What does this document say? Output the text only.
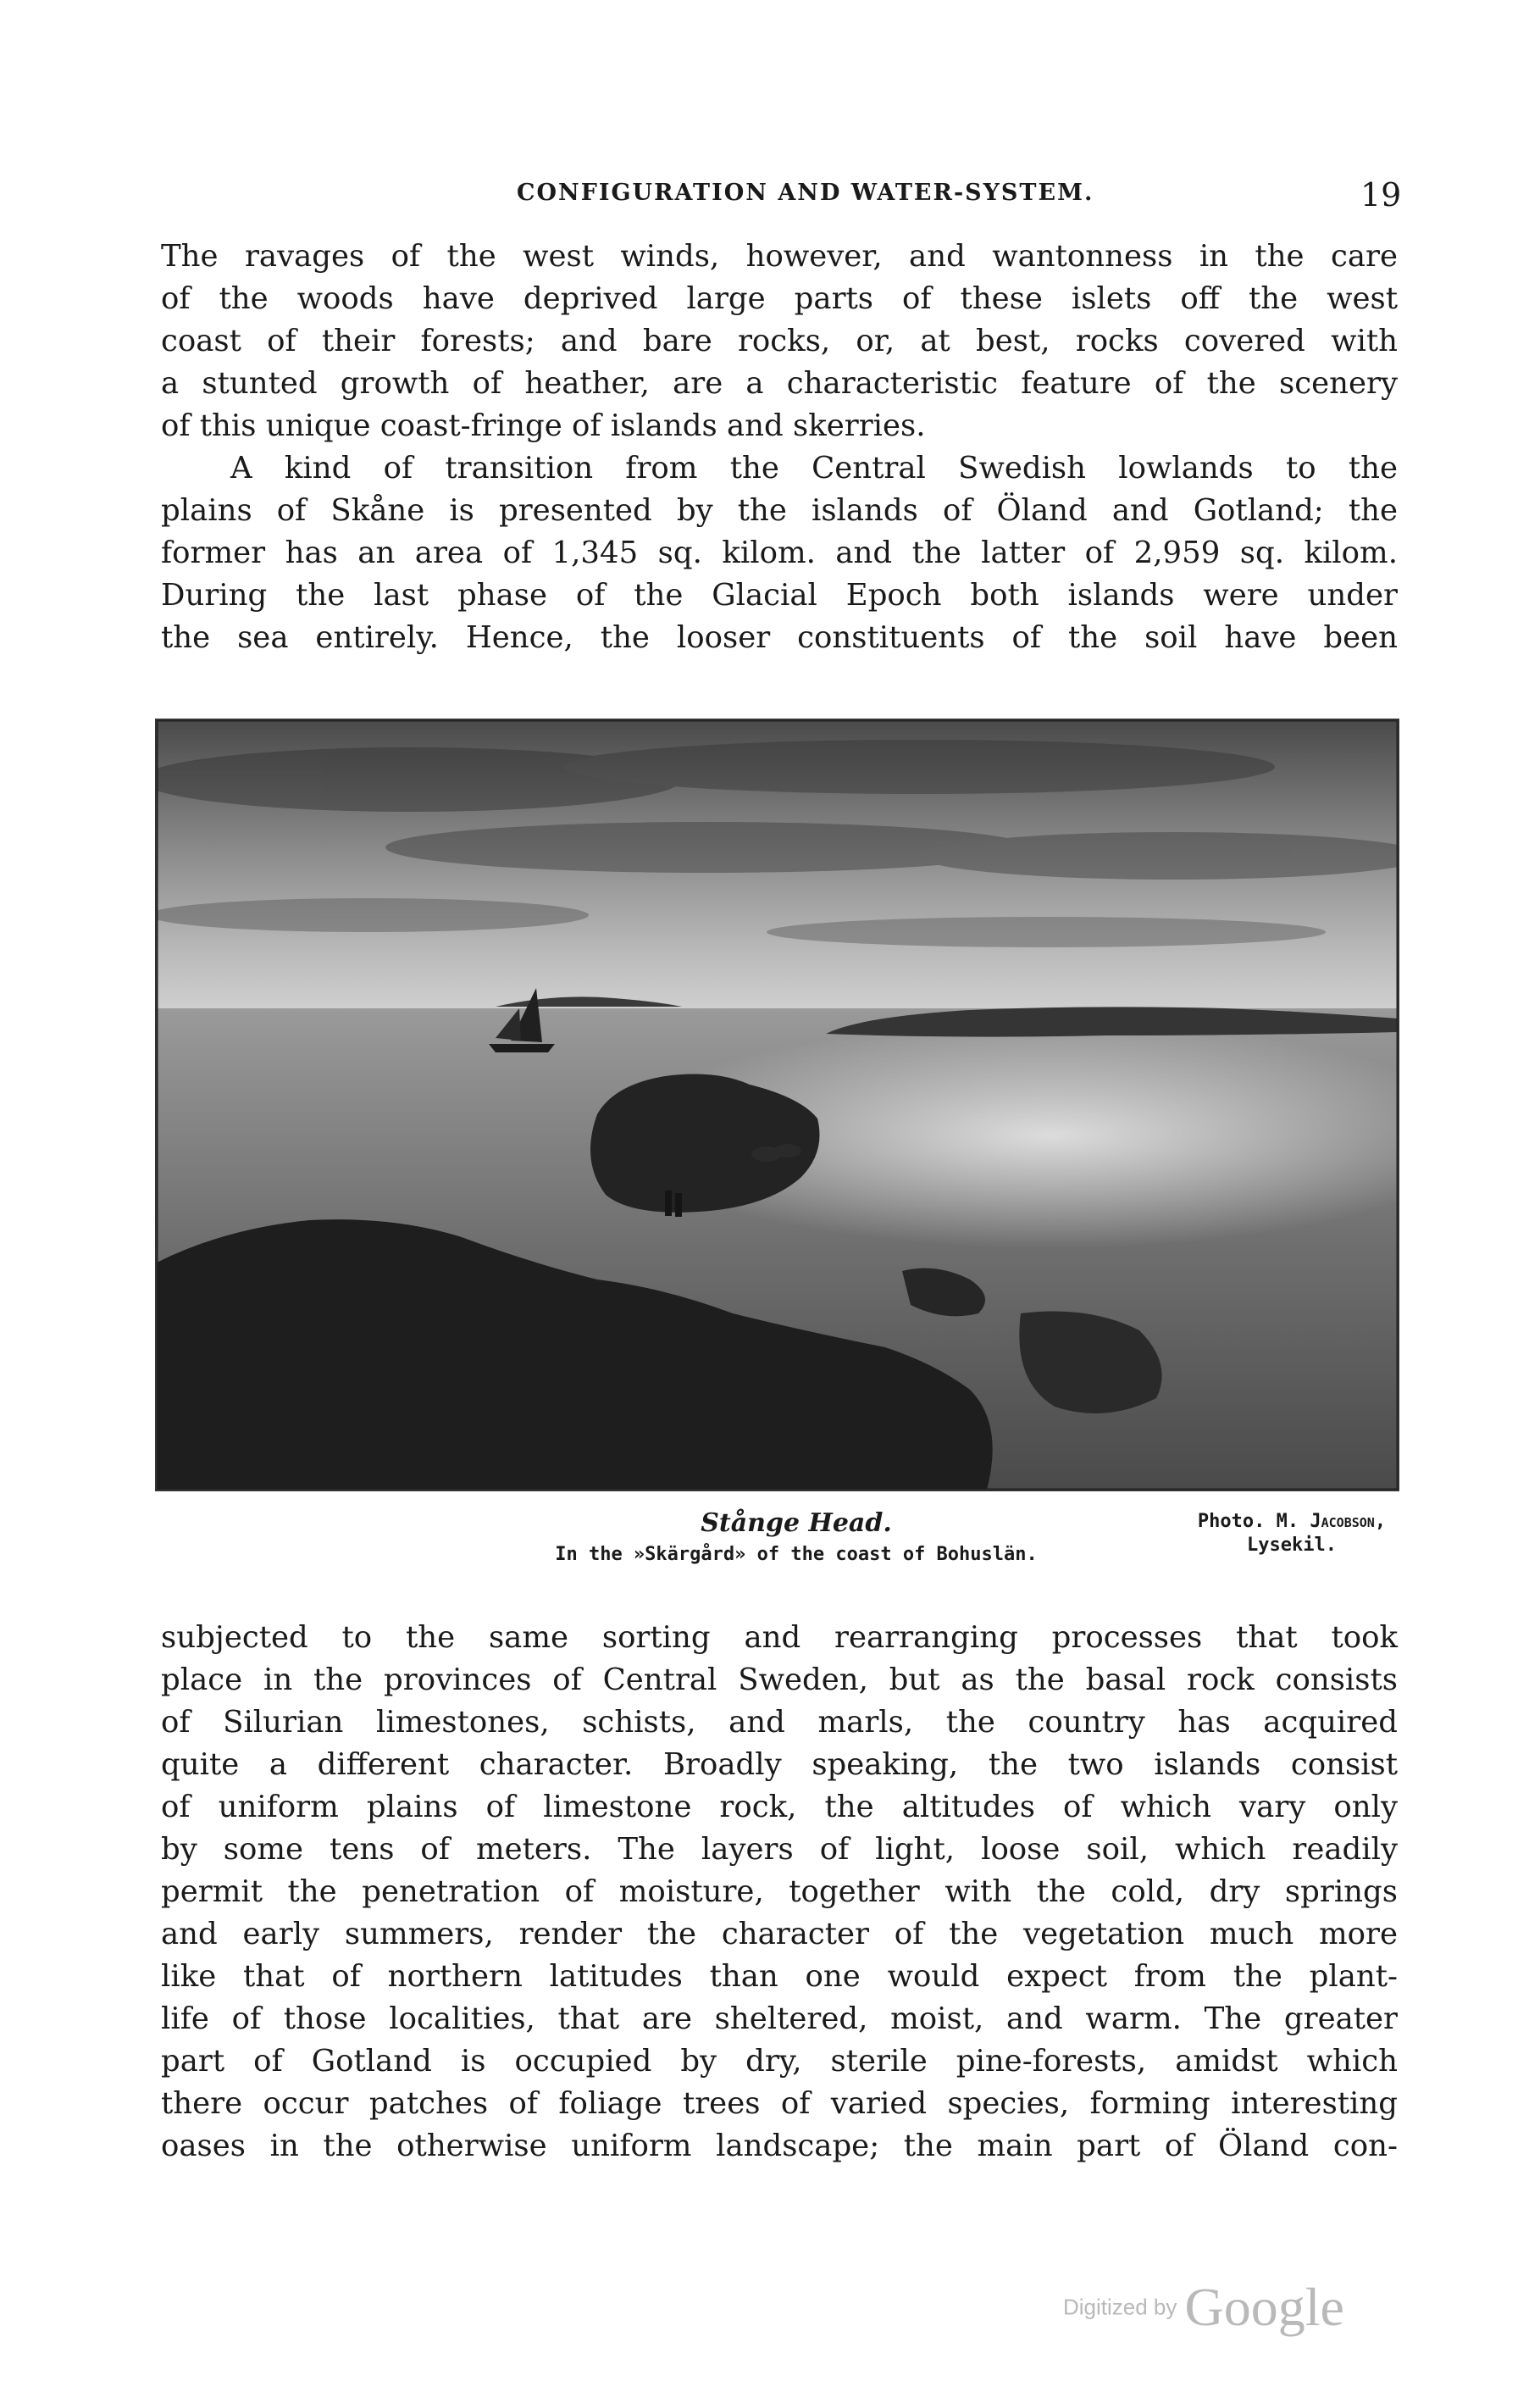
CONFIGURATION AND WATER-SYSTEM.	19
The ravages of the west winds, however, and wantonness in the care
of the woods have deprived large parts of these islets off the west
coast of their forests; and bare rocks, or, at best, rocks covered with
a stunted growth of heather, are a characteristic feature of the scenery
of this unique coast-fringe of islands and skerries.
A kind of transition from the Central Swedish lowlands to the
plains of Skåne is presented by the islands of Öland and Gotland; the
former has an area of 1,345 sq. kilom. and the latter of 2,959 sq. kilom.
During the last phase of the Glacial Epoch both islands were under
the sea entirely. Hence, the looser constituents of the soil have been
Stånge Head.
In the »Skärgård» of the coast of Bohuslän.
Photo. M. Jacobson,
Lysekil.
subjected to the same sorting and rearranging processes that took
place in the provinces of Central Sweden, but as the basal rock consists
of Silurian limestones, schists, and marls, the country has acquired
quite a different character. Broadly speaking, the two islands consist
of uniform plains of limestone rock, the altitudes of which vary only
by some tens of meters. The layers of light, loose soil, which readily
permit the penetration of moisture, together with the cold, dry springs
and early summers, render the character of the vegetation much more
like that of northern latitudes than one would expect from the plant-
life of those localities, that are sheltered, moist, and warm. The greater
part of Gotland is occupied by dry, sterile pine-forests, amidst which
there occur patches of foliage trees of varied species, forming interesting
oases in the otherwise uniform landscape; the main part of Öland con-
Digitized by Google
